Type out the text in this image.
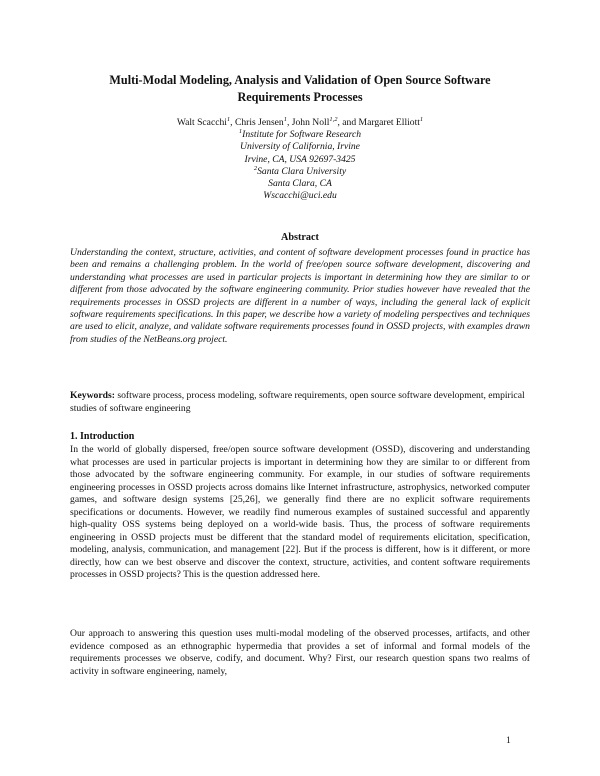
Multi-Modal Modeling, Analysis and Validation of Open Source Software
Requirements Processes
Walt Scacchi$^1$, Chris Jensen$^1$, John Noll$^{1,2}$, and Margaret Elliott$^1$
$^1$Institute for Software Research
University of California, Irvine
Irvine, CA, USA 92697-3425
$^2$Santa Clara University
Santa Clara, CA
Wscacchi@uci.edu
Abstract

Understanding the context, structure, activities, and content of software development processes found in practice has been and remains a challenging problem. In the world of free/open source software development, discovering and understanding what processes are used in particular projects is important in determining how they are similar to or different from those advocated by the software engineering community. Prior studies however have revealed that the requirements processes in OSSD projects are different in a number of ways, including the general lack of explicit software requirements specifications. In this paper, we describe how a variety of modeling perspectives and techniques are used to elicit, analyze, and validate software requirements processes found in OSSD projects, with examples drawn from studies of the NetBeans.org project.

Keywords: software process, process modeling, software requirements, open source software development, empirical studies of software engineering

1. Introduction

In the world of globally dispersed, free/open source software development (OSSD), discovering and understanding what processes are used in particular projects is important in determining how they are similar to or different from those advocated by the software engineering community. For example, in our studies of software requirements engineering processes in OSSD projects across domains like Internet infrastructure, astrophysics, networked computer games, and software design systems [25,26], we generally find there are no explicit software requirements specifications or documents. However, we readily find numerous examples of sustained successful and apparently high-quality OSS systems being deployed on a world-wide basis. Thus, the process of software requirements engineering in OSSD projects must be different that the standard model of requirements elicitation, specification, modeling, analysis, communication, and management [22]. But if the process is different, how is it different, or more directly, how can we best observe and discover the context, structure, activities, and content software requirements processes in OSSD projects? This is the question addressed here.

Our approach to answering this question uses multi-modal modeling of the observed processes, artifacts, and other evidence composed as an ethnographic hypermedia that provides a set of informal and formal models of the requirements processes we observe, codify, and document. Why? First, our research question spans two realms of activity in software engineering, namely,

1
